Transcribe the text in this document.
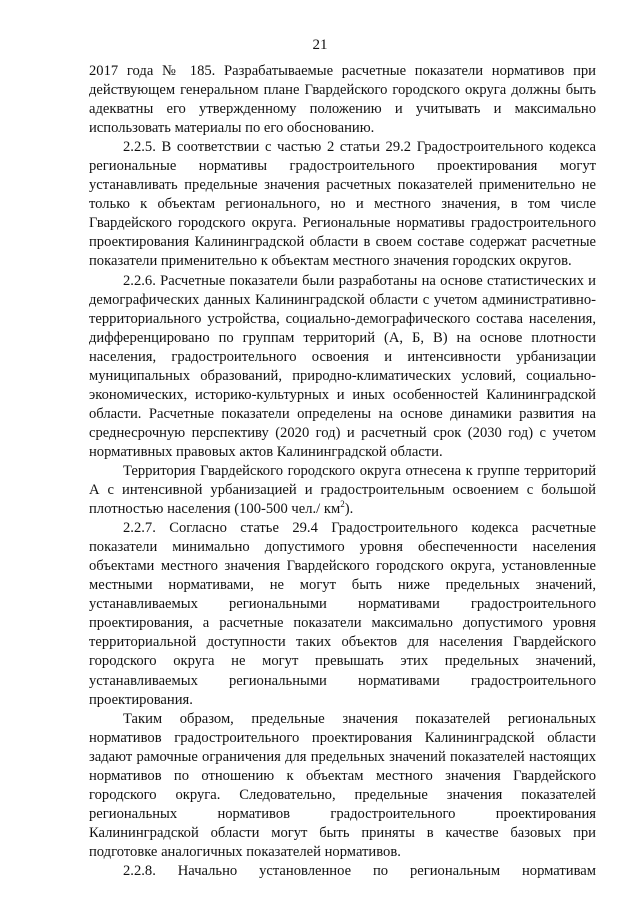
21

2017 года № 185. Разрабатываемые расчетные показатели нормативов при действующем генеральном плане Гвардейского городского округа должны быть адекватны его утвержденному положению и учитывать и максимально использовать материалы по его обоснованию.

2.2.5. В соответствии с частью 2 статьи 29.2 Градостроительного кодекса региональные нормативы градостроительного проектирования могут устанавливать предельные значения расчетных показателей применительно не только к объектам регионального, но и местного значения, в том числе Гвардейского городского округа. Региональные нормативы градостроительного проектирования Калининградской области в своем составе содержат расчетные показатели применительно к объектам местного значения городских округов.

2.2.6. Расчетные показатели были разработаны на основе статистических и демографических данных Калининградской области с учетом административно-территориального устройства, социально-демографического состава населения, дифференцировано по группам территорий (А, Б, В) на основе плотности населения, градостроительного освоения и интенсивности урбанизации муниципальных образований, природно-климатических условий, социально-экономических, историко-культурных и иных особенностей Калининградской области. Расчетные показатели определены на основе динамики развития на среднесрочную перспективу (2020 год) и расчетный срок (2030 год) с учетом нормативных правовых актов Калининградской области.

Территория Гвардейского городского округа отнесена к группе территорий А с интенсивной урбанизацией и градостроительным освоением с большой плотностью населения (100-500 чел./ $км^2$).

2.2.7. Согласно статье 29.4 Градостроительного кодекса расчетные показатели минимально допустимого уровня обеспеченности населения объектами местного значения Гвардейского городского округа, установленные местными нормативами, не могут быть ниже предельных значений, устанавливаемых региональными нормативами градостроительного проектирования, а расчетные показатели максимально допустимого уровня территориальной доступности таких объектов для населения Гвардейского городского округа не могут превышать этих предельных значений, устанавливаемых региональными нормативами градостроительного проектирования.

Таким образом, предельные значения показателей региональных нормативов градостроительного проектирования Калининградской области задают рамочные ограничения для предельных значений показателей настоящих нормативов по отношению к объектам местного значения Гвардейского городского округа. Следовательно, предельные значения показателей региональных нормативов градостроительного проектирования Калининградской области могут быть приняты в качестве базовых при подготовке аналогичных показателей нормативов.

2.2.8. Начально установленное по региональным нормативам
